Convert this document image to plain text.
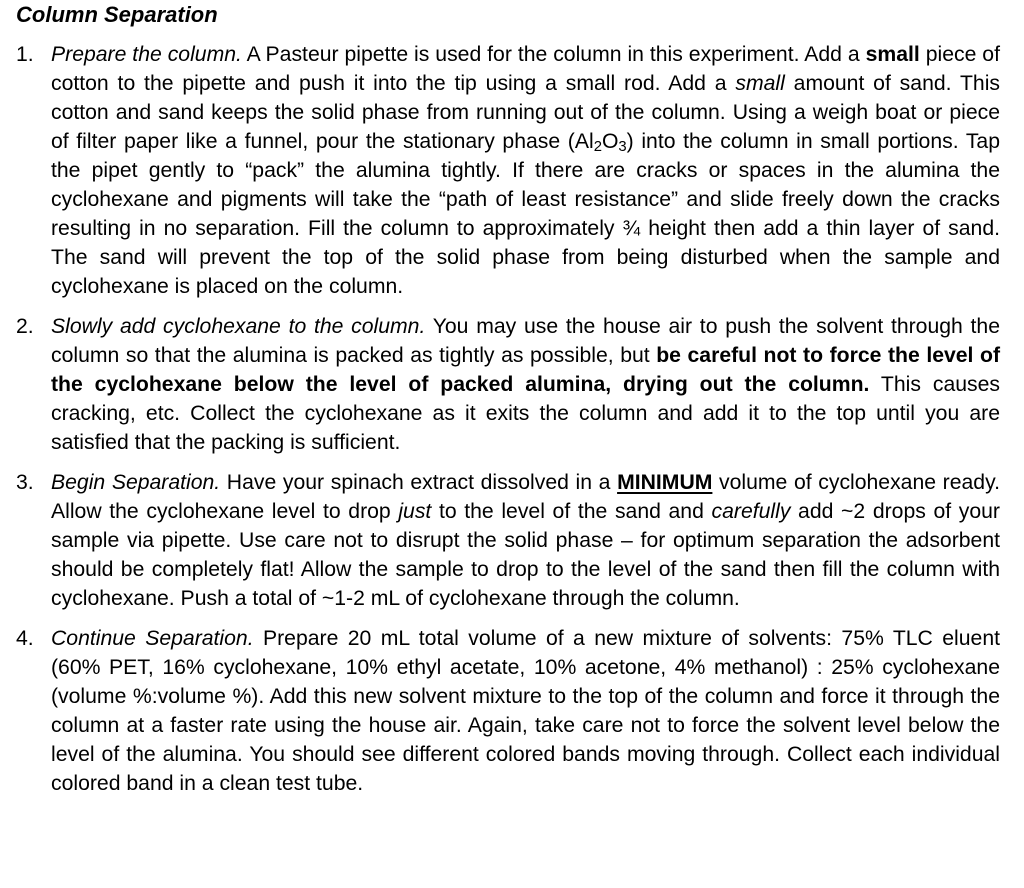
Column Separation
1. Prepare the column. A Pasteur pipette is used for the column in this experiment. Add a small piece of cotton to the pipette and push it into the tip using a small rod. Add a small amount of sand. This cotton and sand keeps the solid phase from running out of the column. Using a weigh boat or piece of filter paper like a funnel, pour the stationary phase $(Al_2O_3)$ into the column in small portions. Tap the pipet gently to “pack” the alumina tightly. If there are cracks or spaces in the alumina the cyclohexane and pigments will take the “path of least resistance” and slide freely down the cracks resulting in no separation. Fill the column to approximately ¾ height then add a thin layer of sand. The sand will prevent the top of the solid phase from being disturbed when the sample and cyclohexane is placed on the column.
2. Slowly add cyclohexane to the column. You may use the house air to push the solvent through the column so that the alumina is packed as tightly as possible, but be careful not to force the level of the cyclohexane below the level of packed alumina, drying out the column. This causes cracking, etc. Collect the cyclohexane as it exits the column and add it to the top until you are satisfied that the packing is sufficient.
3. Begin Separation. Have your spinach extract dissolved in a MINIMUM volume of cyclohexane ready. Allow the cyclohexane level to drop just to the level of the sand and carefully add ~2 drops of your sample via pipette. Use care not to disrupt the solid phase – for optimum separation the adsorbent should be completely flat! Allow the sample to drop to the level of the sand then fill the column with cyclohexane. Push a total of ~1-2 mL of cyclohexane through the column.
4. Continue Separation. Prepare 20 mL total volume of a new mixture of solvents: 75% TLC eluent (60% PET, 16% cyclohexane, 10% ethyl acetate, 10% acetone, 4% methanol) : 25% cyclohexane (volume %:volume %). Add this new solvent mixture to the top of the column and force it through the column at a faster rate using the house air. Again, take care not to force the solvent level below the level of the alumina. You should see different colored bands moving through. Collect each individual colored band in a clean test tube.
